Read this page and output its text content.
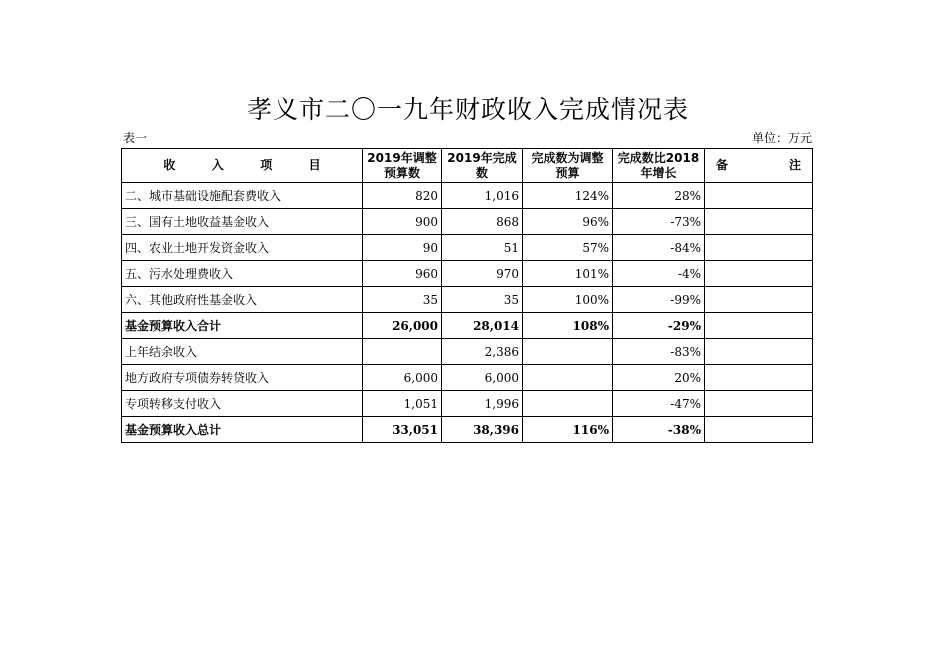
孝义市二〇一九年财政收入完成情况表
表一	单位：万元
收 入 项 目	2019年调整预算数	2019年完成数	完成数为调整预算	完成数比2018年增长	备 注

二、城市基础设施配套费收入	820	1,016	124%	28%	
三、国有土地收益基金收入	900	868	96%	-73%	
四、农业土地开发资金收入	90	51	57%	-84%	
五、污水处理费收入	960	970	101%	-4%	
六、其他政府性基金收入	35	35	100%	-99%	
基金预算收入合计	26,000	28,014	108%	-29%	
上年结余收入		2,386		-83%	
地方政府专项债券转贷收入	6,000	6,000		20%	
专项转移支付收入	1,051	1,996		-47%	
基金预算收入总计	33,051	38,396	116%	-38%	
